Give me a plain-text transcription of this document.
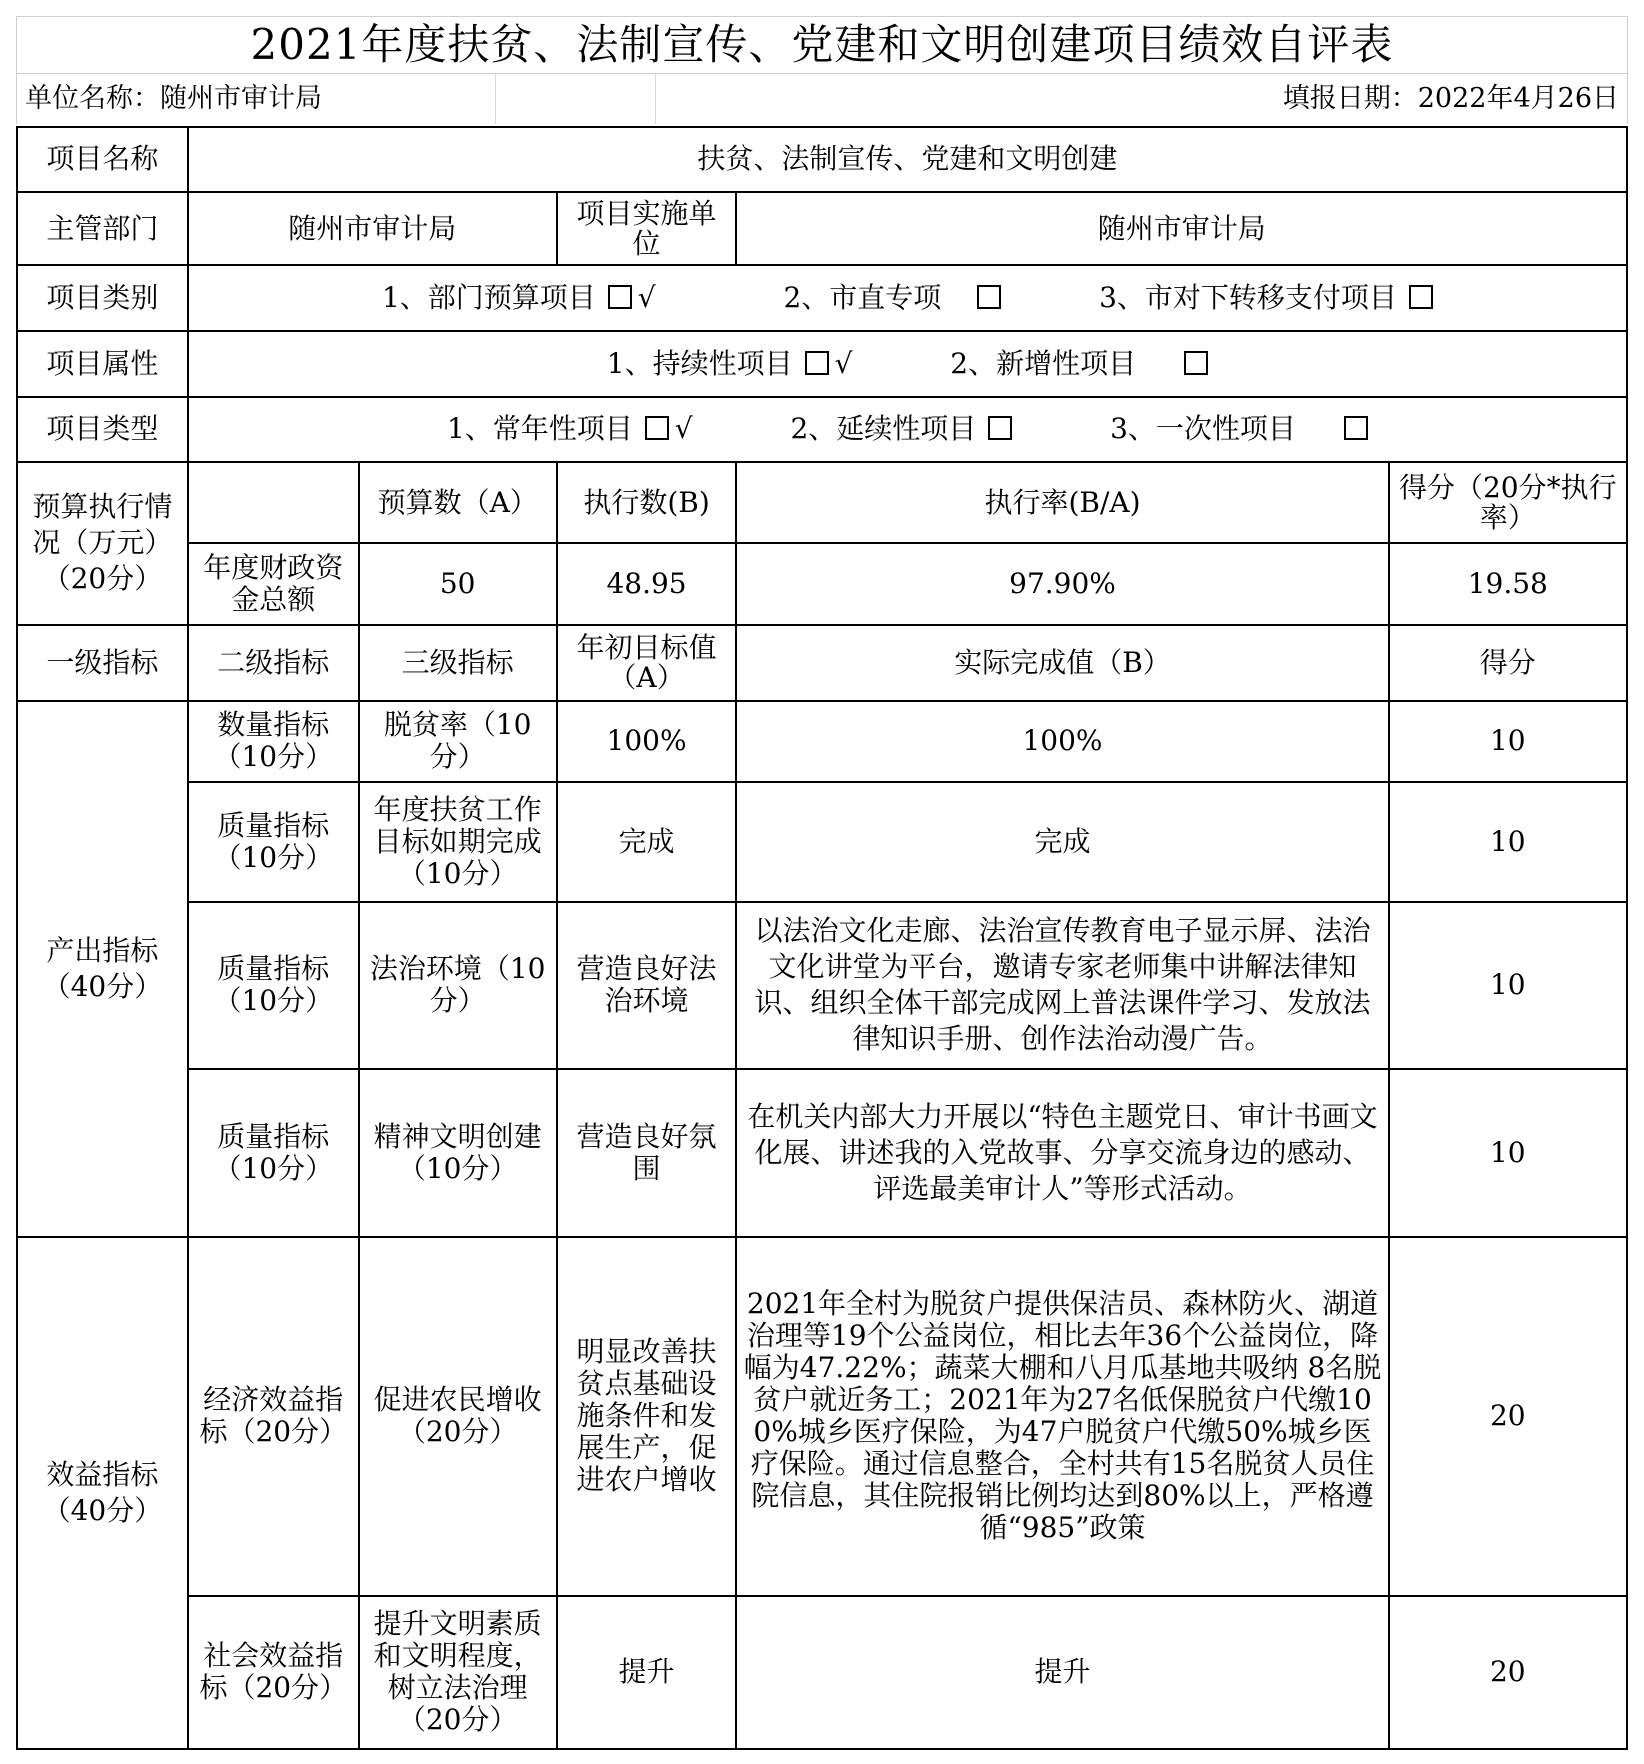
2021年度扶贫、法制宣传、党建和文明创建项目绩效自评表
单位名称：随州市审计局	填报日期：2022年4月26日
项目名称	扶贫、法制宣传、党建和文明创建				
主管部门	随州市审计局		项目实施单位	随州市审计局	
项目类别	1、部门预算项目 √ 2、市直专项 3、市对下转移支付项目				
项目属性	1、持续性项目 √ 2、新增性项目				
项目类型	1、常年性项目 √ 2、延续性项目 3、一次性项目				
预算执行情况（万元）（20分）		预算数（A）	执行数(B)	执行率(B/A)	得分（20分*执行率）
	年度财政资金总额	50	48.95	97.90%	19.58
一级指标	二级指标	三级指标	年初目标值（A）	实际完成值（B）	得分
产出指标（40分）	数量指标（10分）	脱贫率（10分）	100%	100%	10
	质量指标（10分）	年度扶贫工作目标如期完成（10分）	完成	完成	10
	质量指标（10分）	法治环境（10分）	营造良好法治环境	以法治文化走廊、法治宣传教育电子显示屏、法治文化讲堂为平台，邀请专家老师集中讲解法律知识、组织全体干部完成网上普法课件学习、发放法律知识手册、创作法治动漫广告。	10
	质量指标（10分）	精神文明创建（10分）	营造良好氛围	在机关内部大力开展以“特色主题党日、审计书画文化展、讲述我的入党故事、分享交流身边的感动、评选最美审计人”等形式活动。	10
效益指标（40分）	经济效益指标（20分）	促进农民增收（20分）	明显改善扶贫点基础设施条件和发展生产，促进农户增收	2021年全村为脱贫户提供保洁员、森林防火、湖道治理等19个公益岗位，相比去年36个公益岗位，降幅为47.22%；蔬菜大棚和八月瓜基地共吸纳 8名脱贫户就近务工；2021年为27名低保脱贫户代缴100%城乡医疗保险，为47户脱贫户代缴50%城乡医疗保险。通过信息整合，全村共有15名脱贫人员住院信息，其住院报销比例均达到80%以上，严格遵循“985”政策	20
	社会效益指标（20分）	提升文明素质和文明程度，树立法治理（20分）	提升	提升	20
